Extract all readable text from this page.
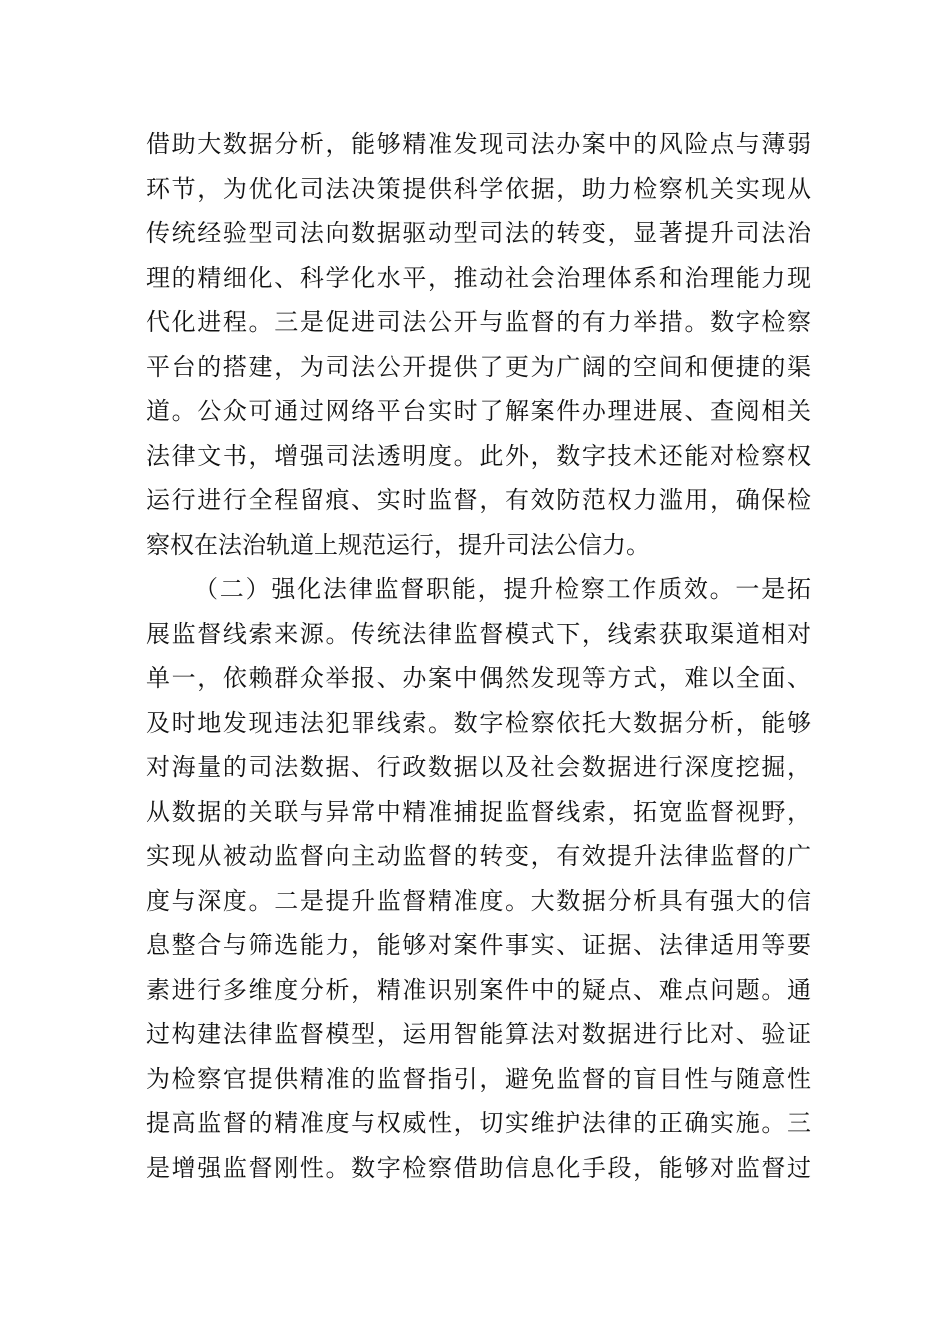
借助大数据分析，能够精准发现司法办案中的风险点与薄弱
环节，为优化司法决策提供科学依据，助力检察机关实现从
传统经验型司法向数据驱动型司法的转变，显著提升司法治
理的精细化、科学化水平，推动社会治理体系和治理能力现
代化进程。三是促进司法公开与监督的有力举措。数字检察
平台的搭建，为司法公开提供了更为广阔的空间和便捷的渠
道。公众可通过网络平台实时了解案件办理进展、查阅相关
法律文书，增强司法透明度。此外，数字技术还能对检察权
运行进行全程留痕、实时监督，有效防范权力滥用，确保检
察权在法治轨道上规范运行，提升司法公信力。
（二）强化法律监督职能，提升检察工作质效。一是拓
展监督线索来源。传统法律监督模式下，线索获取渠道相对
单一，依赖群众举报、办案中偶然发现等方式，难以全面、
及时地发现违法犯罪线索。数字检察依托大数据分析，能够
对海量的司法数据、行政数据以及社会数据进行深度挖掘，
从数据的关联与异常中精准捕捉监督线索，拓宽监督视野，
实现从被动监督向主动监督的转变，有效提升法律监督的广
度与深度。二是提升监督精准度。大数据分析具有强大的信
息整合与筛选能力，能够对案件事实、证据、法律适用等要
素进行多维度分析，精准识别案件中的疑点、难点问题。通
过构建法律监督模型，运用智能算法对数据进行比对、验证
为检察官提供精准的监督指引，避免监督的盲目性与随意性
提高监督的精准度与权威性，切实维护法律的正确实施。三
是增强监督刚性。数字检察借助信息化手段，能够对监督过
